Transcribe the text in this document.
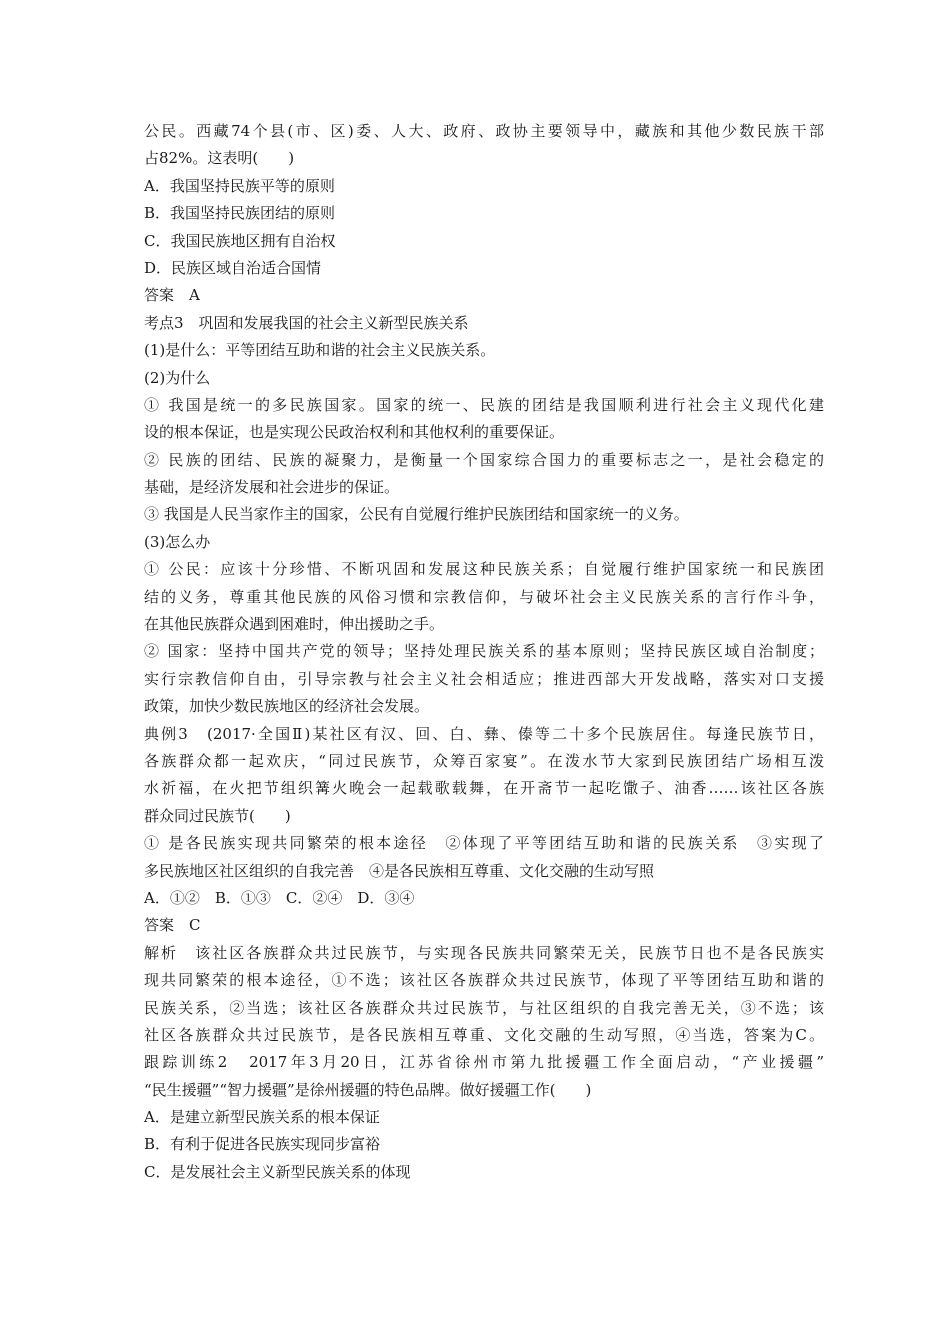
公民。西藏74个县(市、区)委、人大、政府、政协主要领导中，藏族和其他少数民族干部
占82%。这表明(　　)
A．我国坚持民族平等的原则
B．我国坚持民族团结的原则
C．我国民族地区拥有自治权
D．民族区域自治适合国情
答案　A
考点3　巩固和发展我国的社会主义新型民族关系
(1)是什么：平等团结互助和谐的社会主义民族关系。
(2)为什么
① 我国是统一的多民族国家。国家的统一、民族的团结是我国顺利进行社会主义现代化建
设的根本保证，也是实现公民政治权利和其他权利的重要保证。
② 民族的团结、民族的凝聚力，是衡量一个国家综合国力的重要标志之一，是社会稳定的
基础，是经济发展和社会进步的保证。
③ 我国是人民当家作主的国家，公民有自觉履行维护民族团结和国家统一的义务。
(3)怎么办
① 公民：应该十分珍惜、不断巩固和发展这种民族关系；自觉履行维护国家统一和民族团
结的义务，尊重其他民族的风俗习惯和宗教信仰，与破坏社会主义民族关系的言行作斗争，
在其他民族群众遇到困难时，伸出援助之手。
② 国家：坚持中国共产党的领导；坚持处理民族关系的基本原则；坚持民族区域自治制度；
实行宗教信仰自由，引导宗教与社会主义社会相适应；推进西部大开发战略，落实对口支援
政策，加快少数民族地区的经济社会发展。
典例3　(2017·全国Ⅱ)某社区有汉、回、白、彝、傣等二十多个民族居住。每逢民族节日，
各族群众都一起欢庆，“同过民族节，众筹百家宴”。在泼水节大家到民族团结广场相互泼
水祈福，在火把节组织篝火晚会一起载歌载舞，在开斋节一起吃馓子、油香……该社区各族
群众同过民族节(　　)
① 是各民族实现共同繁荣的根本途径　②体现了平等团结互助和谐的民族关系　③实现了
多民族地区社区组织的自我完善　④是各民族相互尊重、文化交融的生动写照
A．①②　B．①③　C．②④　D．③④
答案　C
解析　该社区各族群众共过民族节，与实现各民族共同繁荣无关，民族节日也不是各民族实
现共同繁荣的根本途径，①不选；该社区各族群众共过民族节，体现了平等团结互助和谐的
民族关系，②当选；该社区各族群众共过民族节，与社区组织的自我完善无关，③不选；该
社区各族群众共过民族节，是各民族相互尊重、文化交融的生动写照，④当选，答案为C。
跟踪训练2　2017年3月20日，江苏省徐州市第九批援疆工作全面启动，“产业援疆”
“民生援疆”“智力援疆”是徐州援疆的特色品牌。做好援疆工作(　　)
A．是建立新型民族关系的根本保证
B．有利于促进各民族实现同步富裕
C．是发展社会主义新型民族关系的体现
